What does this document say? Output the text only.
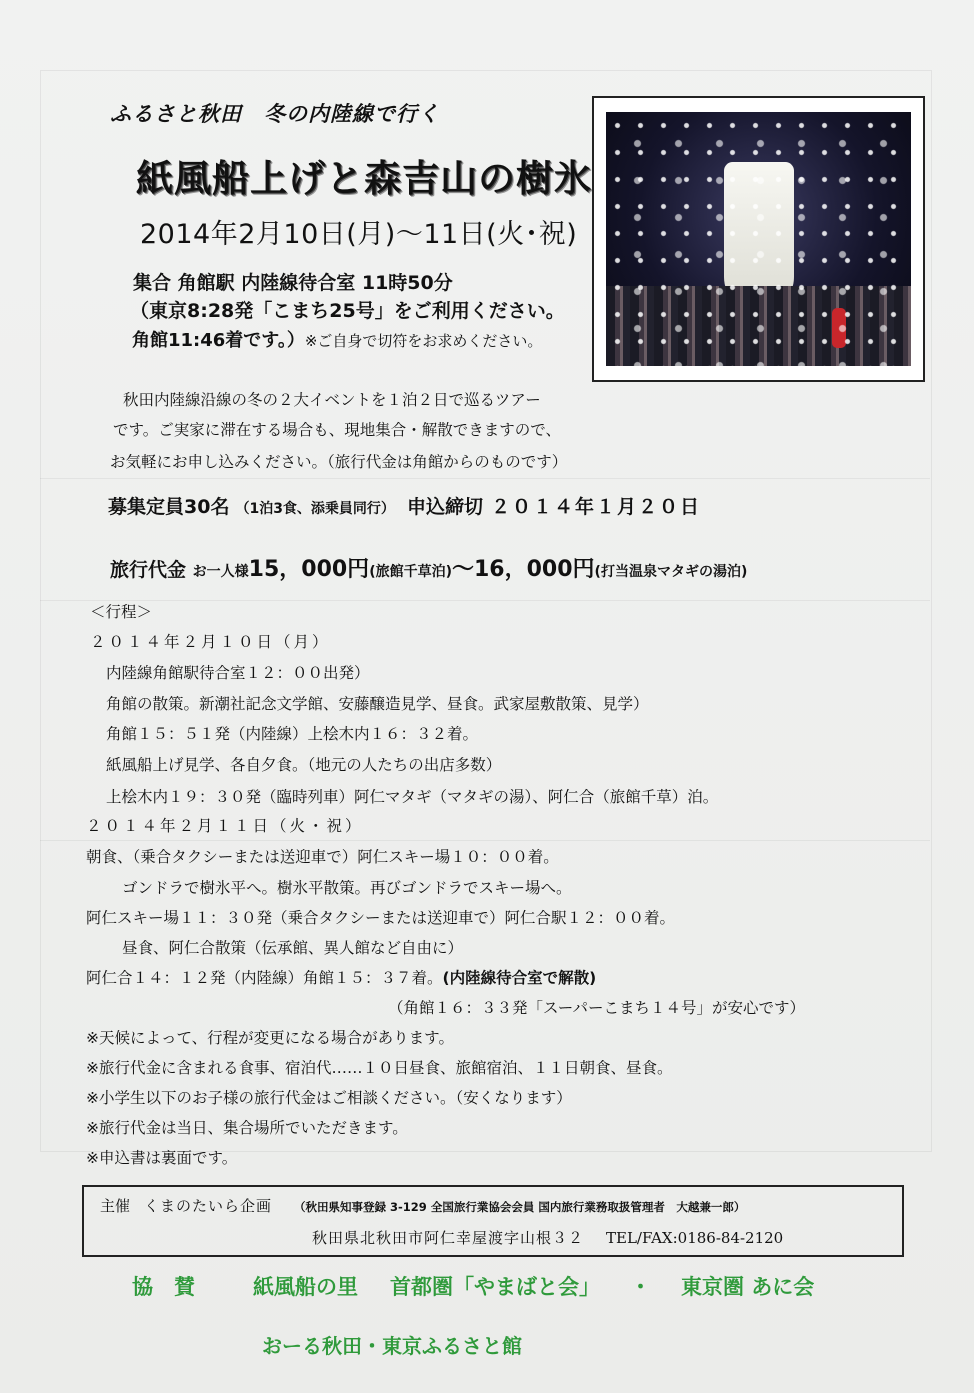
ふるさと秋田　冬の内陸線で行く
紙風船上げと森吉山の樹氷
2014年2月10日(月)～11日(火･祝)
集合 角館駅 内陸線待合室 11時50分
（東京8:28発「こまち25号」をご利用ください。
角館11:46着です。）※ご自身で切符をお求めください。
秋田内陸線沿線の冬の２大イベントを１泊２日で巡るツアー
です。ご実家に滞在する場合も、現地集合・解散できますので、
お気軽にお申し込みください。（旅行代金は角館からのものです）
募集定員30名 （1泊3食、添乗員同行） 申込締切 ２０１４年１月２０日
旅行代金 お一人様15，000円(旅館千草泊)～16，000円(打当温泉マタギの湯泊)
＜行程＞
２０１４年２月１０日（月）
内陸線角館駅待合室１２：００出発）
角館の散策。新潮社記念文学館、安藤醸造見学、昼食。武家屋敷散策、見学）
角館１５：５１発（内陸線）上桧木内１６：３２着。
紙風船上げ見学、各自夕食。（地元の人たちの出店多数）
上桧木内１９：３０発（臨時列車）阿仁マタギ（マタギの湯）、阿仁合（旅館千草）泊。
２０１４年２月１１日（火・祝）
朝食、（乗合タクシーまたは送迎車で）阿仁スキー場１０：００着。
ゴンドラで樹氷平へ。樹氷平散策。再びゴンドラでスキー場へ。
阿仁スキー場１１：３０発（乗合タクシーまたは送迎車で）阿仁合駅１２：００着。
昼食、阿仁合散策（伝承館、異人館など自由に）
阿仁合１４：１２発（内陸線）角館１５：３７着。(内陸線待合室で解散)
（角館１６：３３発「スーパーこまち１４号」が安心です）
※天候によって、行程が変更になる場合があります。
※旅行代金に含まれる食事、宿泊代……１０日昼食、旅館宿泊、１１日朝食、昼食。
※小学生以下のお子様の旅行代金はご相談ください。（安くなります）
※旅行代金は当日、集合場所でいただきます。
※申込書は裏面です。
主催 くまのたいら企画 （秋田県知事登録 3-129 全国旅行業協会会員 国内旅行業務取扱管理者　大越兼一郎）
秋田県北秋田市阿仁幸屋渡字山根３２ TEL/FAX:0186-84-2120
協　賛	紙風船の里 首都圏「やまばと会」 ・ 東京圏 あに会
おーる秋田・東京ふるさと館
